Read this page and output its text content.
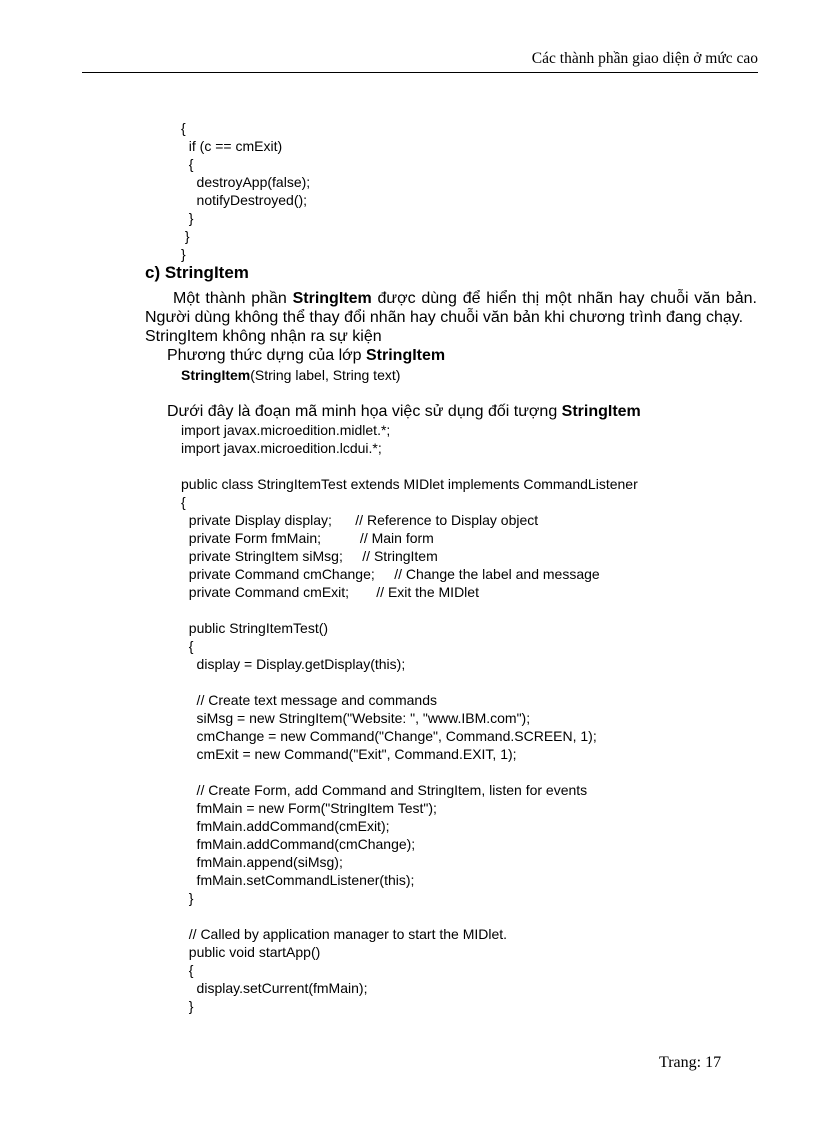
Các thành phần giao diện ở mức cao
{
if (c == cmExit)
{
destroyApp(false);
notifyDestroyed();
}
}
}
c) StringItem

Một thành phần StringItem được dùng để hiển thị một nhãn hay chuỗi văn bản. Người dùng không thể thay đổi nhãn hay chuỗi văn bản khi chương trình đang chạy.

StringItem không nhận ra sự kiện

Phương thức dựng của lớp StringItem
StringItem(String label, String text)
Dưới đây là đoạn mã minh họa việc sử dụng đối tượng StringItem
import javax.microedition.midlet.*;
import javax.microedition.lcdui.*;

public class StringItemTest extends MIDlet implements CommandListener
{
private Display display;      // Reference to Display object
private Form fmMain;          // Main form
private StringItem siMsg;     // StringItem
private Command cmChange;     // Change the label and message
private Command cmExit;       // Exit the MIDlet

public StringItemTest()
{
display = Display.getDisplay(this);

// Create text message and commands
siMsg = new StringItem("Website: ", "www.IBM.com");
cmChange = new Command("Change", Command.SCREEN, 1);
cmExit = new Command("Exit", Command.EXIT, 1);

// Create Form, add Command and StringItem, listen for events
fmMain = new Form("StringItem Test");
fmMain.addCommand(cmExit);
fmMain.addCommand(cmChange);
fmMain.append(siMsg);
fmMain.setCommandListener(this);
}

// Called by application manager to start the MIDlet.
public void startApp()
{
display.setCurrent(fmMain);
}
Trang: 17
